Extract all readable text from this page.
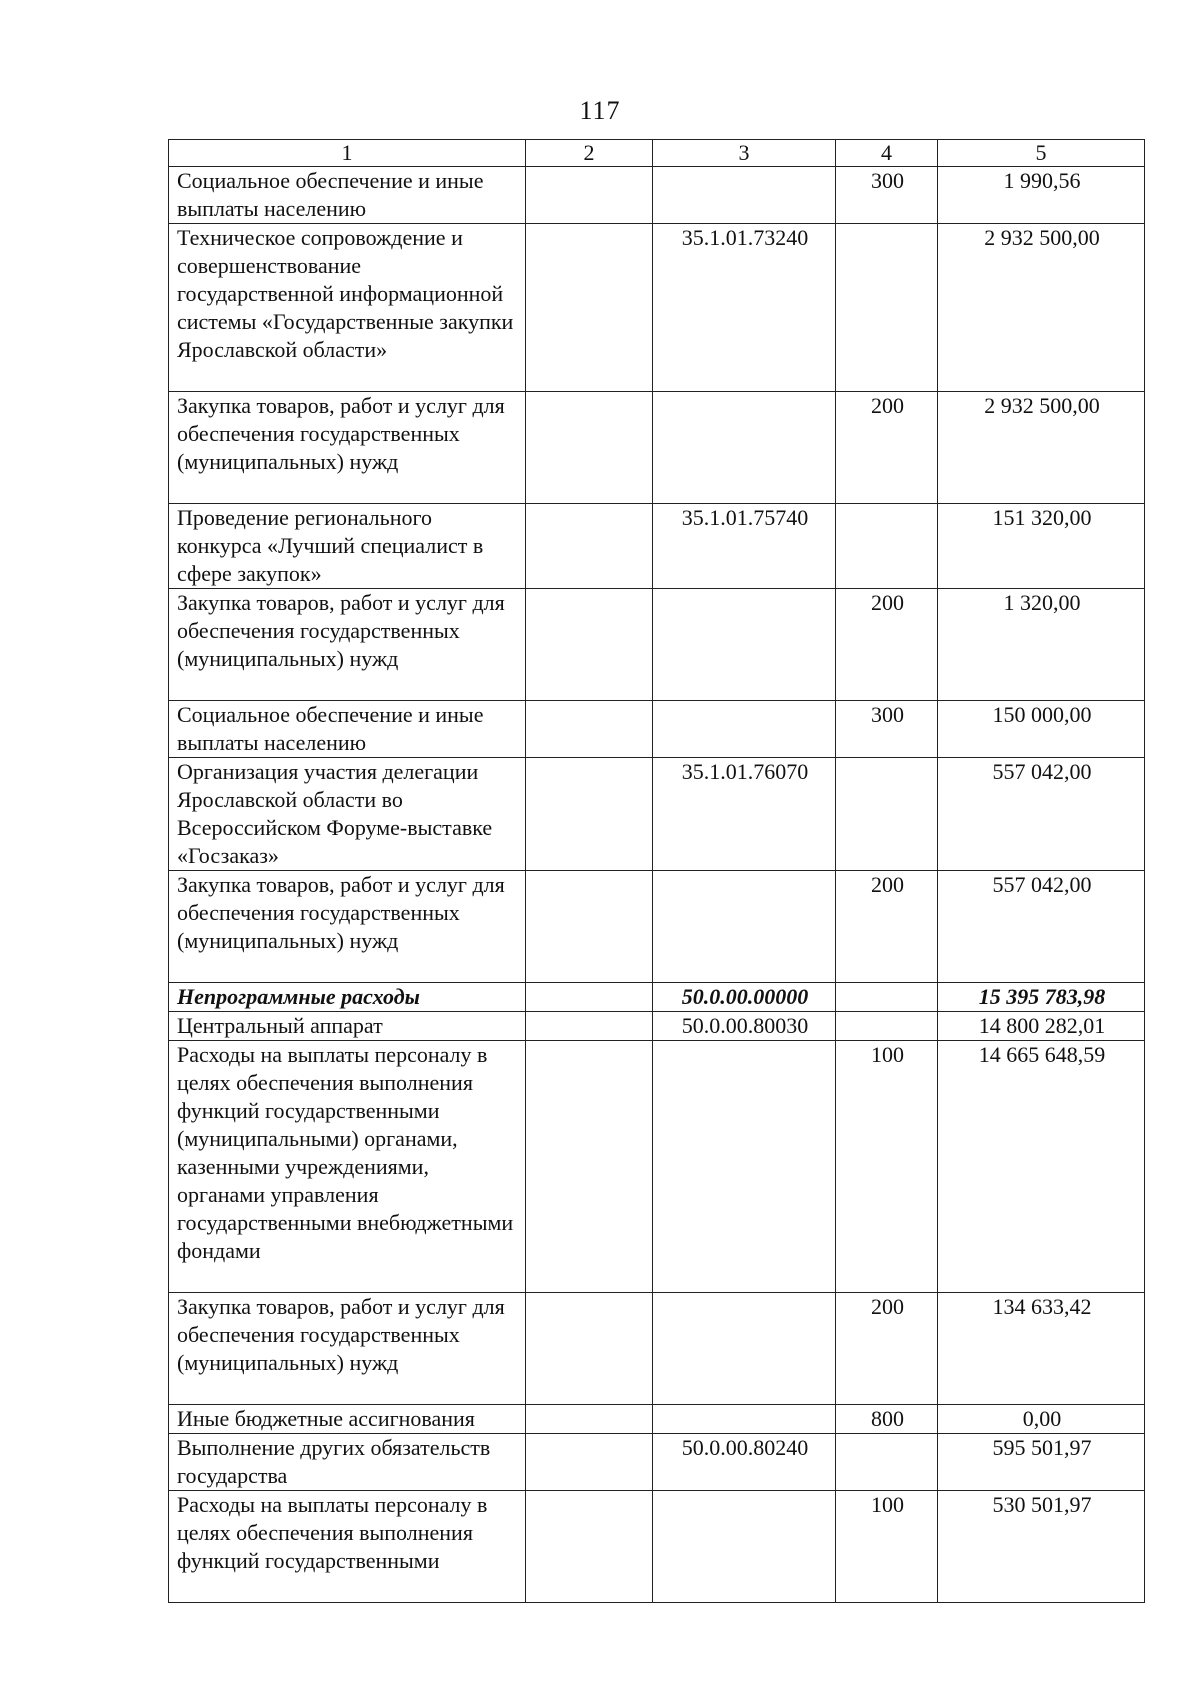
117
1	2	3	4	5
Социальное обеспечение и иные выплаты населению			300	1 990,56
Техническое сопровождение и совершенствование государственной информационной системы «Государственные закупки Ярославской области»		35.1.01.73240		2 932 500,00
Закупка товаров, работ и услуг для обеспечения государственных (муниципальных) нужд			200	2 932 500,00
Проведение регионального конкурса «Лучший специалист в сфере закупок»		35.1.01.75740		151 320,00
Закупка товаров, работ и услуг для обеспечения государственных (муниципальных) нужд			200	1 320,00
Социальное обеспечение и иные выплаты населению			300	150 000,00
Организация участия делегации Ярославской области во Всероссийском Форуме-выставке «Госзаказ»		35.1.01.76070		557 042,00
Закупка товаров, работ и услуг для обеспечения государственных (муниципальных) нужд			200	557 042,00
Непрограммные расходы		50.0.00.00000		15 395 783,98
Центральный аппарат		50.0.00.80030		14 800 282,01
Расходы на выплаты персоналу в целях обеспечения выполнения функций государственными (муниципальными) органами, казенными учреждениями, органами управления государственными внебюджетными фондами			100	14 665 648,59
Закупка товаров, работ и услуг для обеспечения государственных (муниципальных) нужд			200	134 633,42
Иные бюджетные ассигнования			800	0,00
Выполнение других обязательств государства		50.0.00.80240		595 501,97
Расходы на выплаты персоналу в целях обеспечения выполнения функций государственными			100	530 501,97
